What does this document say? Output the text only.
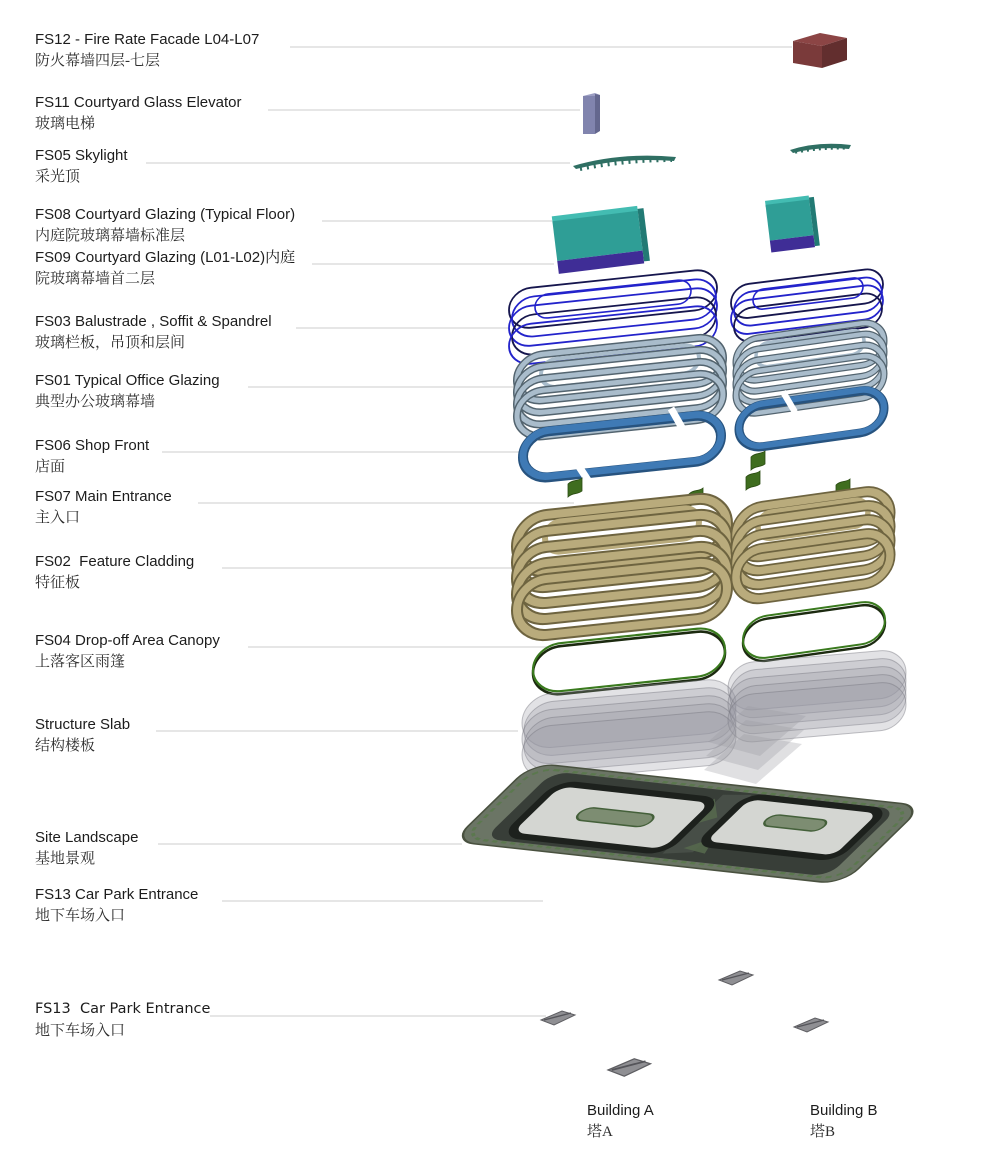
FS12 - Fire Rate Facade L04-L07
防火幕墙四层-七层
FS11 Courtyard Glass Elevator
玻璃电梯
FS05 Skylight
采光顶
FS08 Courtyard Glazing (Typical Floor)
内庭院玻璃幕墙标准层
FS09 Courtyard Glazing (L01-L02)内庭
院玻璃幕墙首二层
FS03 Balustrade , Soffit & Spandrel
玻璃栏板，吊顶和层间
FS01 Typical Office Glazing
典型办公玻璃幕墙
FS06 Shop Front
店面
FS07 Main Entrance
主入口
FS02  Feature Cladding
特征板
FS04 Drop-off Area Canopy
上落客区雨篷
Structure Slab
结构楼板
Site Landscape
基地景观
FS13 Car Park Entrance
地下车场入口
FS13  Car Park Entrance
地下车场入口
Building A
塔A
Building B
塔B
